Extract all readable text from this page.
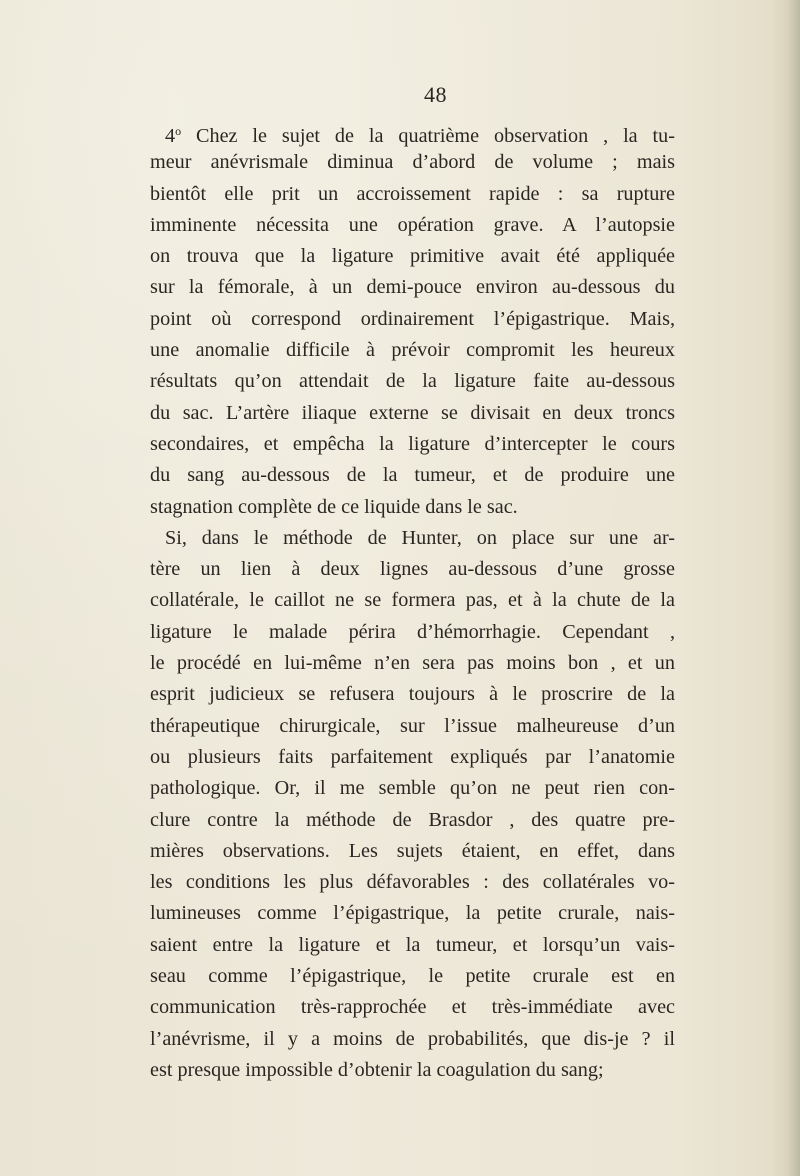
48
4$^o$ Chez le sujet de la quatrième observation , la tu-
meur anévrismale diminua d’abord de volume ; mais
bientôt elle prit un accroissement rapide : sa rupture
imminente nécessita une opération grave. A l’autopsie
on trouva que la ligature primitive avait été appliquée
sur la fémorale, à un demi-pouce environ au-dessous du
point où correspond ordinairement l’épigastrique. Mais,
une anomalie difficile à prévoir compromit les heureux
résultats qu’on attendait de la ligature faite au-dessous
du sac. L’artère iliaque externe se divisait en deux troncs
secondaires, et empêcha la ligature d’intercepter le cours
du sang au-dessous de la tumeur, et de produire une
stagnation complète de ce liquide dans le sac.
Si, dans le méthode de Hunter, on place sur une ar-
tère un lien à deux lignes au-dessous d’une grosse
collatérale, le caillot ne se formera pas, et à la chute de la
ligature le malade périra d’hémorrhagie. Cependant ,
le procédé en lui-même n’en sera pas moins bon , et un
esprit judicieux se refusera toujours à le proscrire de la
thérapeutique chirurgicale, sur l’issue malheureuse d’un
ou plusieurs faits parfaitement expliqués par l’anatomie
pathologique. Or, il me semble qu’on ne peut rien con-
clure contre la méthode de Brasdor , des quatre pre-
mières observations. Les sujets étaient, en effet, dans
les conditions les plus défavorables : des collatérales vo-
lumineuses comme l’épigastrique, la petite crurale, nais-
saient entre la ligature et la tumeur, et lorsqu’un vais-
seau comme l’épigastrique, le petite crurale est en
communication très-rapprochée et très-immédiate avec
l’anévrisme, il y a moins de probabilités, que dis-je ? il
est presque impossible d’obtenir la coagulation du sang;
